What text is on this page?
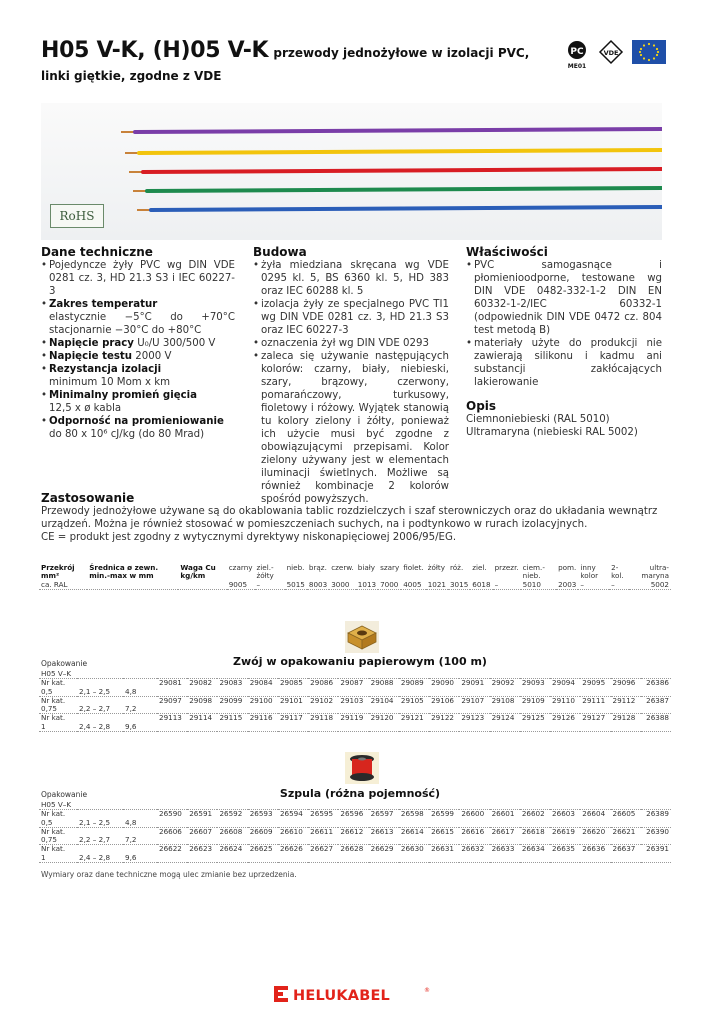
H05 V-K, (H)05 V-K przewody jednożyłowe w izolacji PVC,
linki giętkie, zgodne z VDE
PC
ME01
VDE
RoHS
Dane techniczne
• Pojedyncze żyły PVC wg DIN VDE 0281 cz. 3, HD 21.3 S3 i IEC 60227-3
• Zakres temperatur
elastycznie −5°C do +70°C stacjonarnie −30°C do +80°C
• Napięcie pracy U₀/U 300/500 V
• Napięcie testu 2000 V
• Rezystancja izolacji
minimum 10 Mom x km
• Minimalny promień gięcia
12,5 x ø kabla
• Odporność na promieniowanie
do 80 x 10⁶ cJ/kg (do 80 Mrad)
Budowa
• żyła miedziana skręcana wg VDE 0295 kl. 5, BS 6360 kl. 5, HD 383 oraz IEC 60288 kl. 5
• izolacja żyły ze specjalnego PVC TI1 wg DIN VDE 0281 cz. 3, HD 21.3 S3 oraz IEC 60227-3
• oznaczenia żył wg DIN VDE 0293
• zaleca się używanie następujących kolorów: czarny, biały, niebieski, szary, brązowy, czerwony, pomarańczowy, turkusowy, fioletowy i różowy. Wyjątek stanowią tu kolory zielony i żółty, ponieważ ich użycie musi być zgodne z obowiązującymi przepisami. Kolor zielony używany jest w elementach iluminacji świetlnych. Możliwe są również kombinacje 2 kolorów spośród powyższych.
Właściwości
• PVC samogasnące i płomienioodporne, testowane wg DIN VDE 0482-332-1-2 DIN EN 60332-1-2/IEC 60332-1 (odpowiednik DIN VDE 0472 cz. 804 test metodą B)
• materiały użyte do produkcji nie zawierają silikonu i kadmu ani substancji zakłócających lakierowanie
Opis
Ciemnoniebieski (RAL 5010)
Ultramaryna (niebieski RAL 5002)
Zastosowanie
Przewody jednożyłowe używane są do okablowania tablic rozdzielczych i szaf sterowniczych oraz do układania wewnątrz urządzeń. Można je również stosować w pomieszczeniach suchych, na i podtynkowo w rurach izolacyjnych.
CE = produkt jest zgodny z wytycznymi dyrektywy niskonapięciowej 2006/95/EG.
Przekrój mm²	Średnica ø zewn. min.-max w mm	Waga Cu kg/km	czarny	ziel.-żółty	nieb.	brąz.	czerw.	biały	szary	fiolet.	żółty	róż.	ziel.	przezr.	ciem.-nieb.	pom.	inny kolor	2-kol.	ultra-maryna
ca. RAL			9005	–	5015	8003	3000	1013	7000	4005	1021	3015	6018	–	5010	2003	–	–	5002
Zwój w opakowaniu papierowym (100 m)
Opakowanie
H05 V–K																			
Nr kat.
0,5	2,1 – 2,5	4,8	29081	29082	29083	29084	29085	29086	29087	29088	29089	29090	29091	29092	29093	29094	29095	29096	26386
Nr kat.
0,75	2,2 – 2,7	7,2	29097	29098	29099	29100	29101	29102	29103	29104	29105	29106	29107	29108	29109	29110	29111	29112	26387
Nr kat.
1	2,4 – 2,8	9,6	29113	29114	29115	29116	29117	29118	29119	29120	29121	29122	29123	29124	29125	29126	29127	29128	26388
Szpula (różna pojemność)
Opakowanie
H05 V–K																			
Nr kat.
0,5	2,1 – 2,5	4,8	26590	26591	26592	26593	26594	26595	26596	26597	26598	26599	26600	26601	26602	26603	26604	26605	26389
Nr kat.
0,75	2,2 – 2,7	7,2	26606	26607	26608	26609	26610	26611	26612	26613	26614	26615	26616	26617	26618	26619	26620	26621	26390
Nr kat.
1	2,4 – 2,8	9,6	26622	26623	26624	26625	26626	26627	26628	26629	26630	26631	26632	26633	26634	26635	26636	26637	26391
Wymiary oraz dane techniczne mogą ulec zmianie bez uprzedzenia.
HELUKABEL	®
